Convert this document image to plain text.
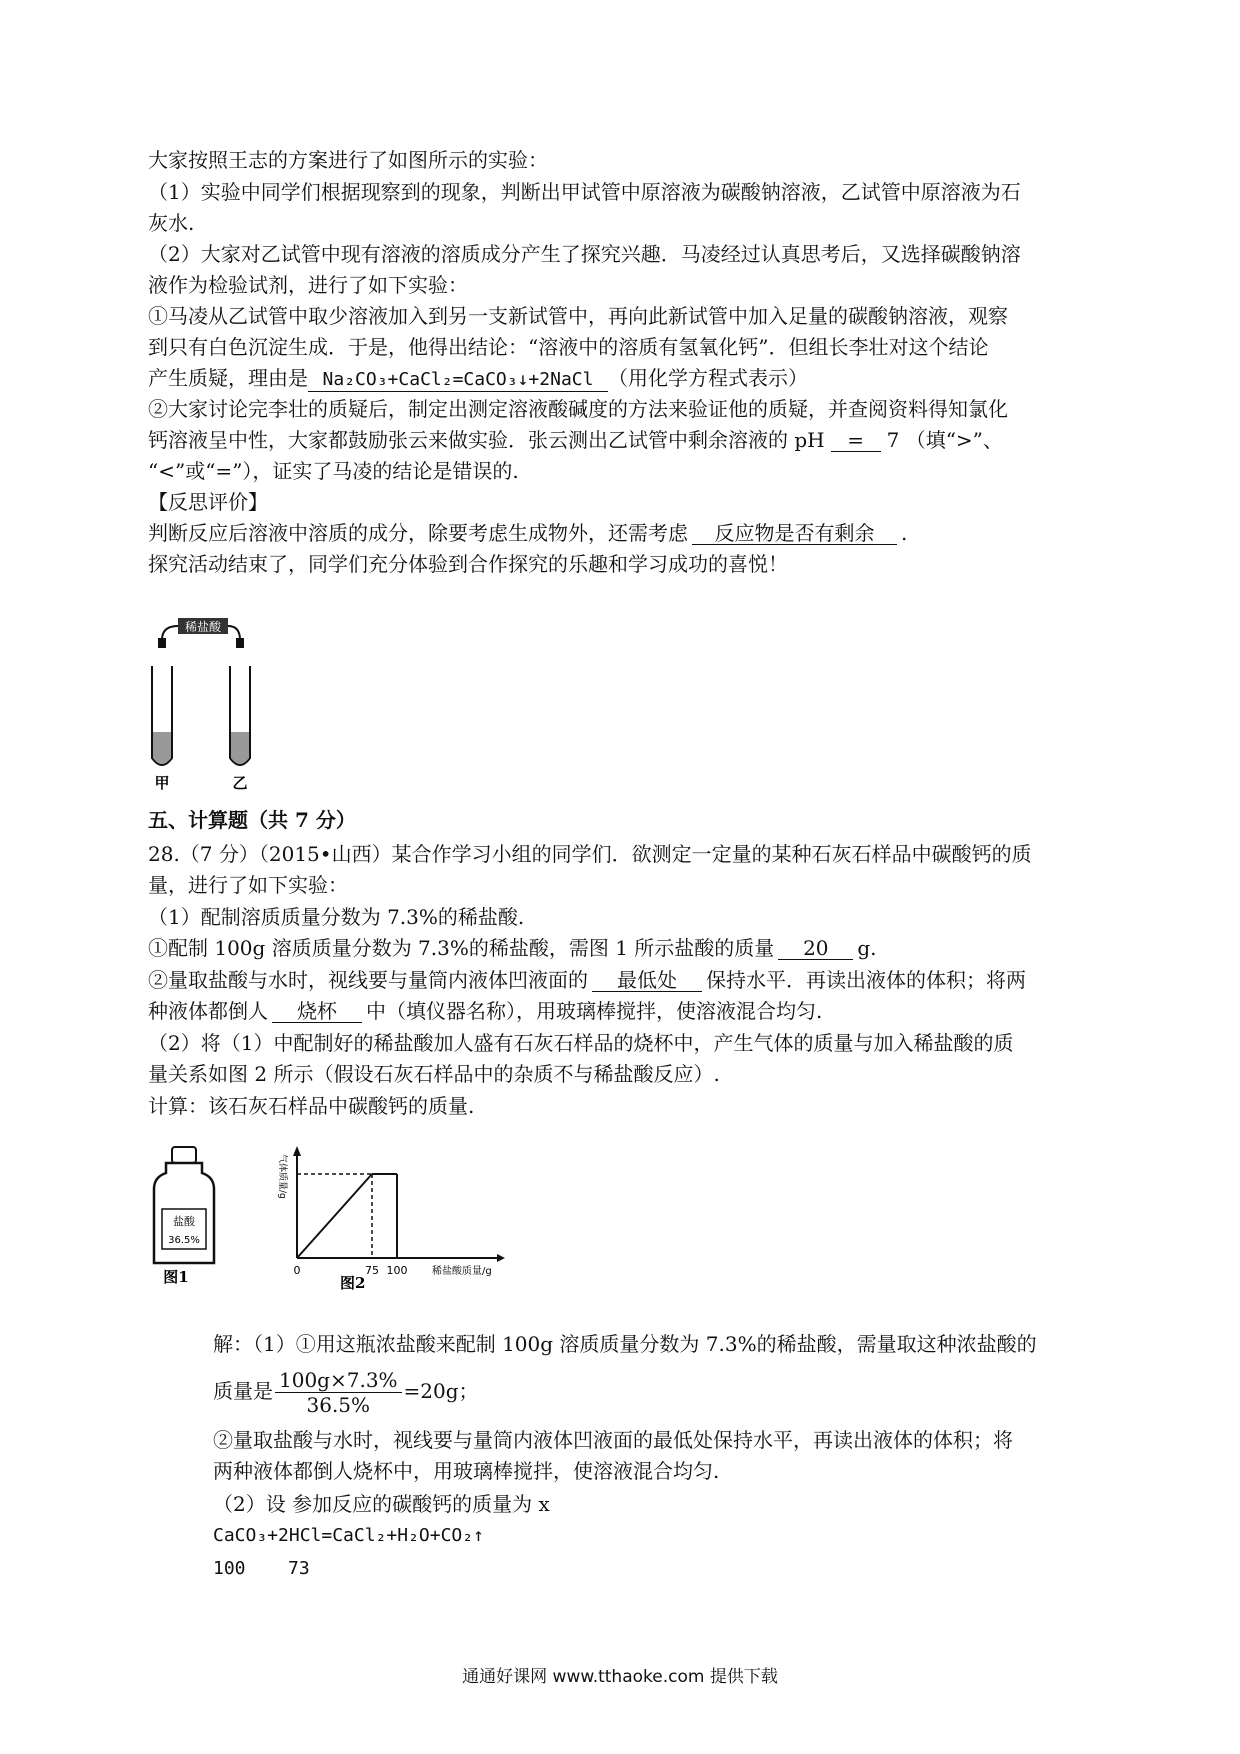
大家按照王志的方案进行了如图所示的实验：
（1）实验中同学们根据现察到的现象，判断出甲试管中原溶液为碳酸钠溶液，乙试管中原溶液为石
灰水.
（2）大家对乙试管中现有溶液的溶质成分产生了探究兴趣．马凌经过认真思考后，又选择碳酸钠溶
液作为检验试剂，进行了如下实验：
①马凌从乙试管中取少溶液加入到另一支新试管中，再向此新试管中加入足量的碳酸钠溶液，观察
到只有白色沉淀生成．于是，他得出结论：“溶液中的溶质有氢氧化钙”．但组长李壮对这个结论
产生质疑，理由是 Na₂CO₃+CaCl₂=CaCO₃↓+2NaCl （用化学方程式表示）
②大家讨论完李壮的质疑后，制定出测定溶液酸碱度的方法来验证他的质疑，并查阅资料得知氯化
钙溶液呈中性，大家都鼓励张云来做实验．张云测出乙试管中剩余溶液的 pH = 7 （填“>”、
“<”或“=”），证实了马凌的结论是错误的.
【反思评价】
判断反应后溶液中溶质的成分，除要考虑生成物外，还需考虑 反应物是否有剩余 .
探究活动结束了，同学们充分体验到合作探究的乐趣和学习成功的喜悦！
稀盐酸
甲	乙
五、计算题（共 7 分）
28.（7 分）（2015•山西）某合作学习小组的同学们．欲测定一定量的某种石灰石样品中碳酸钙的质
量，进行了如下实验：
（1）配制溶质质量分数为 7.3%的稀盐酸.
①配制 100g 溶质质量分数为 7.3%的稀盐酸，需图 1 所示盐酸的质量 20 g.
②量取盐酸与水时，视线要与量筒内液体凹液面的 最低处 保持水平．再读出液体的体积；将两
种液体都倒人 烧杯 中（填仪器名称），用玻璃棒搅拌，使溶液混合均匀.
（2）将（1）中配制好的稀盐酸加人盛有石灰石样品的烧杯中，产生气体的质量与加入稀盐酸的质
量关系如图 2 所示（假设石灰石样品中的杂质不与稀盐酸反应）.
计算：该石灰石样品中碳酸钙的质量.
盐酸
36.5%
图1
气体质量/g
0	75 100 稀盐酸质量/g
图2
解：（1）①用这瓶浓盐酸来配制 100g 溶质质量分数为 7.3%的稀盐酸，需量取这种浓盐酸的
质量是 $\frac{100g\times 7.3\%}{36.5\%} =20g$；
②量取盐酸与水时，视线要与量筒内液体凹液面的最低处保持水平，再读出液体的体积；将
两种液体都倒人烧杯中，用玻璃棒搅拌，使溶液混合均匀.
（2）设 参加反应的碳酸钙的质量为 x
CaCO₃+2HCl=CaCl₂+H₂O+CO₂↑
100 73
通通好课网 www.tthaoke.com 提供下载
